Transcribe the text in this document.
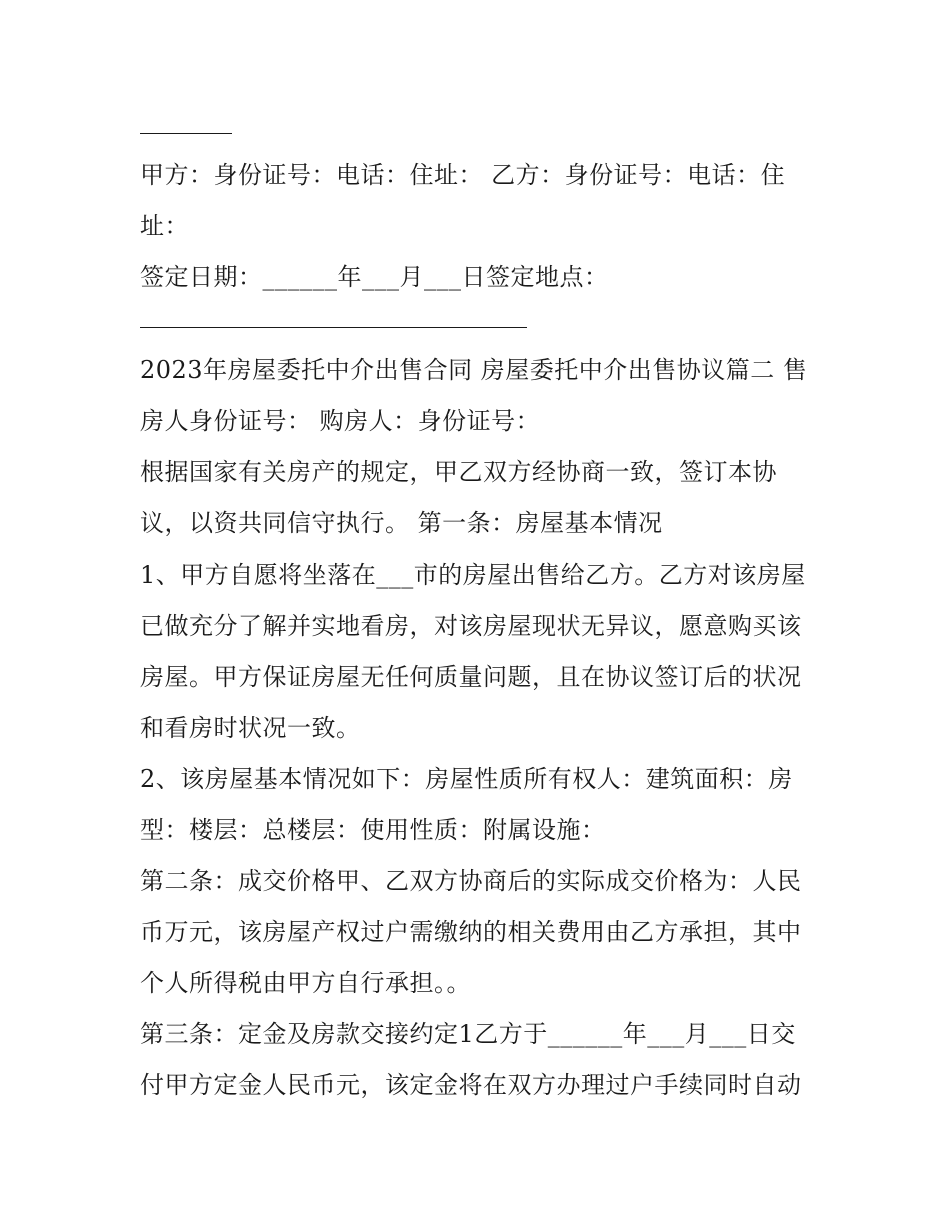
甲方：身份证号：电话：住址： 乙方：身份证号：电话：住
址：
签定日期：______年___月___日签定地点：
2023年房屋委托中介出售合同 房屋委托中介出售协议篇二 售
房人身份证号： 购房人：身份证号：
根据国家有关房产的规定，甲乙双方经协商一致，签订本协
议，以资共同信守执行。 第一条：房屋基本情况
1、甲方自愿将坐落在___市的房屋出售给乙方。乙方对该房屋
已做充分了解并实地看房，对该房屋现状无异议，愿意购买该
房屋。甲方保证房屋无任何质量问题，且在协议签订后的状况
和看房时状况一致。
2、该房屋基本情况如下：房屋性质所有权人：建筑面积：房
型：楼层：总楼层：使用性质：附属设施：
第二条：成交价格甲、乙双方协商后的实际成交价格为：人民
币万元，该房屋产权过户需缴纳的相关费用由乙方承担，其中
个人所得税由甲方自行承担。。
第三条：定金及房款交接约定1乙方于______年___月___日交
付甲方定金人民币元，该定金将在双方办理过户手续同时自动
